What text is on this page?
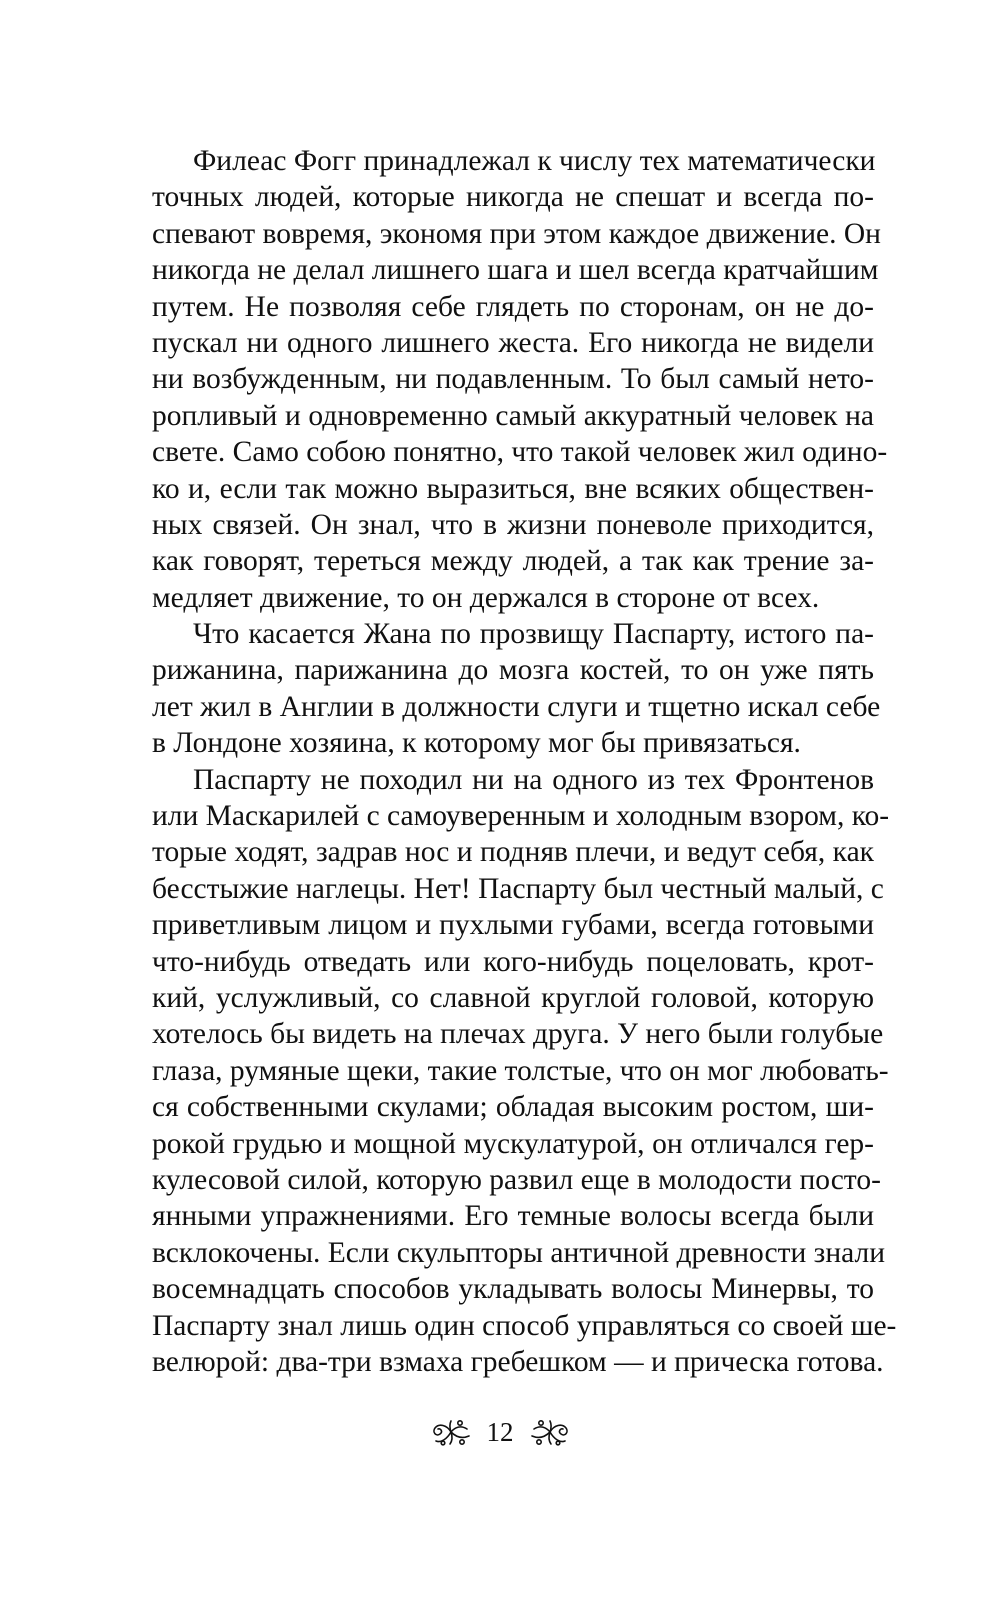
Филеас Фогг принадлежал к числу тех математически
точных людей, которые никогда не спешат и всегда по-
спевают вовремя, экономя при этом каждое движение. Он
никогда не делал лишнего шага и шел всегда кратчайшим
путем. Не позволяя себе глядеть по сторонам, он не до-
пускал ни одного лишнего жеста. Его никогда не видели
ни возбужденным, ни подавленным. То был самый нето-
ропливый и одновременно самый аккуратный человек на
свете. Само собою понятно, что такой человек жил одино-
ко и, если так можно выразиться, вне всяких обществен-
ных связей. Он знал, что в жизни поневоле приходится,
как говорят, тереться между людей, а так как трение за-
медляет движение, то он держался в стороне от всех.
Что касается Жана по прозвищу Паспарту, истого па-
рижанина, парижанина до мозга костей, то он уже пять
лет жил в Англии в должности слуги и тщетно искал себе
в Лондоне хозяина, к которому мог бы привязаться.
Паспарту не походил ни на одного из тех Фронтенов
или Маскарилей с самоуверенным и холодным взором, ко-
торые ходят, задрав нос и подняв плечи, и ведут себя, как
бесстыжие наглецы. Нет! Паспарту был честный малый, с
приветливым лицом и пухлыми губами, всегда готовыми
что-нибудь отведать или кого-нибудь поцеловать, крот-
кий, услужливый, со славной круглой головой, которую
хотелось бы видеть на плечах друга. У него были голубые
глаза, румяные щеки, такие толстые, что он мог любовать-
ся собственными скулами; обладая высоким ростом, ши-
рокой грудью и мощной мускулатурой, он отличался гер-
кулесовой силой, которую развил еще в молодости посто-
янными упражнениями. Его темные волосы всегда были
всклокочены. Если скульпторы античной древности знали
восемнадцать способов укладывать волосы Минервы, то
Паспарту знал лишь один способ управляться со своей ше-
велюрой: два-три взмаха гребешком — и прическа готова.
12
